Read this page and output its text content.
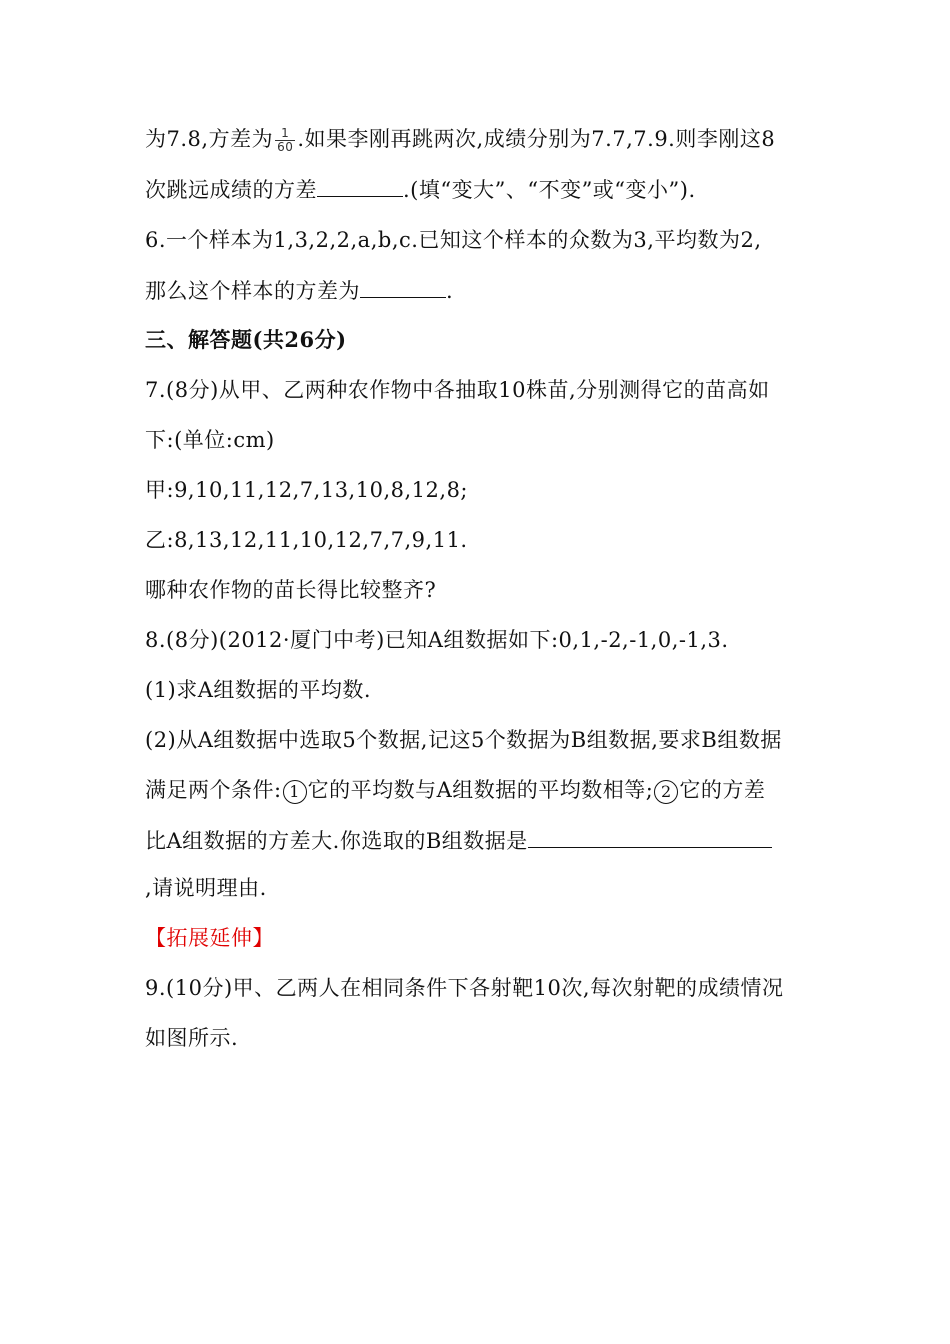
为7.8,方差为 $\frac{1}{60}$ .如果李刚再跳两次,成绩分别为7.7,7.9.则李刚这8
次跳远成绩的方差	.(填“变大”、“不变”或“变小”).
6.一个样本为1,3,2,2,a,b,c.已知这个样本的众数为3,平均数为2,
那么这个样本的方差为	.
三、解答题(共26分)
7.(8分)从甲、乙两种农作物中各抽取10株苗,分别测得它的苗高如
下:(单位:cm)
甲:9,10,11,12,7,13,10,8,12,8;
乙:8,13,12,11,10,12,7,7,9,11.
哪种农作物的苗长得比较整齐?
8.(8分)(2012·厦门中考)已知A组数据如下:0,1,-2,-1,0,-1,3.
(1)求A组数据的平均数.
(2)从A组数据中选取5个数据,记这5个数据为B组数据,要求B组数据
满足两个条件: 1 它的平均数与A组数据的平均数相等; 2 它的方差
比A组数据的方差大.你选取的B组数据是
,请说明理由.
【拓展延伸】
9.(10分)甲、乙两人在相同条件下各射靶10次,每次射靶的成绩情况
如图所示.
